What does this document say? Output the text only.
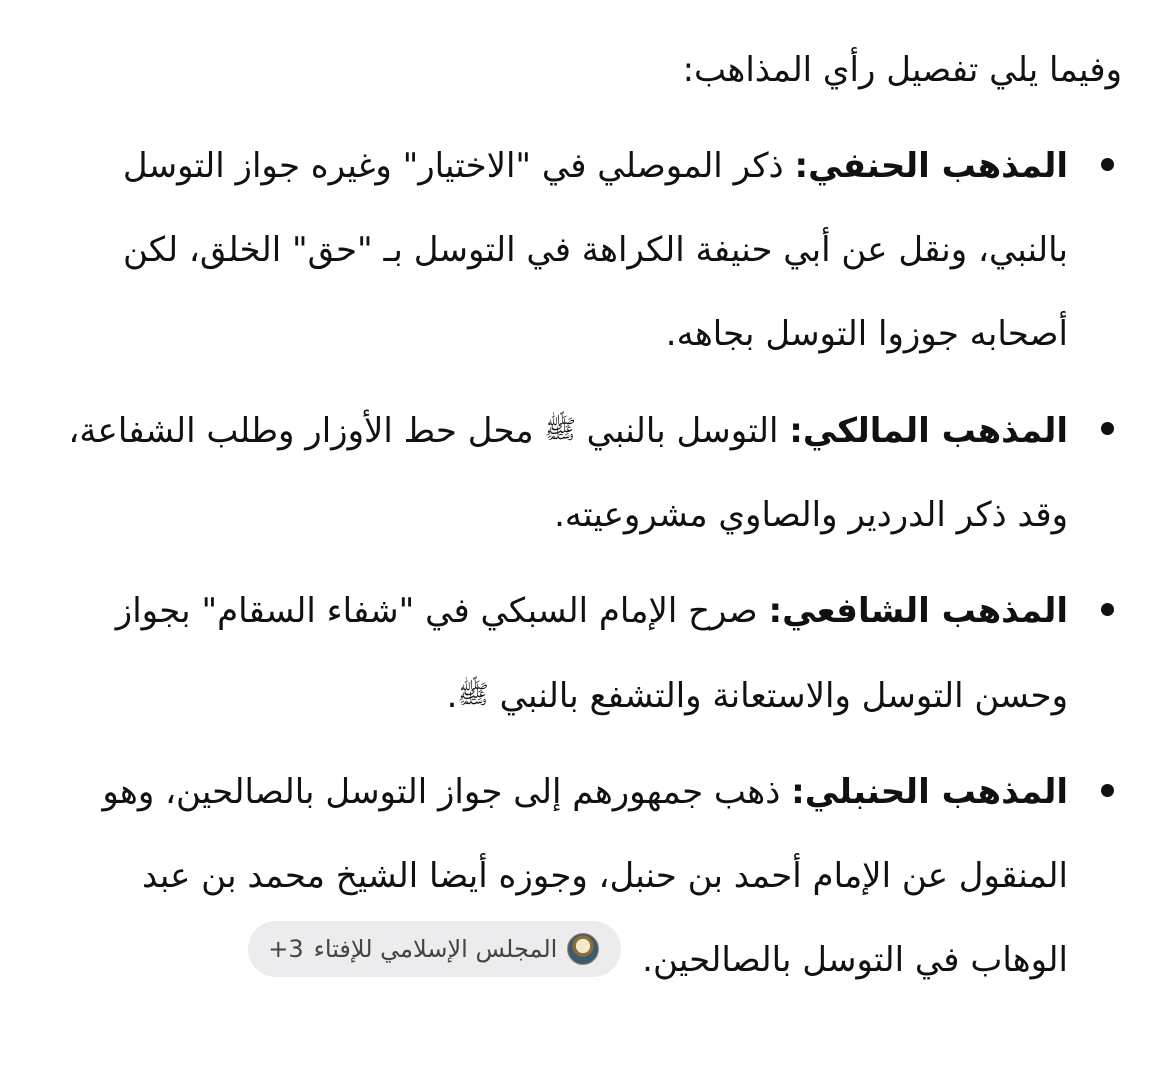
وفيما يلي تفصيل رأي المذاهب:

المذهب الحنفي: ذكر الموصلي في "الاختيار" وغيره جواز التوسل بالنبي، ونقل عن أبي حنيفة الكراهة في التوسل بـ "حق" الخلق، لكن أصحابه جوزوا التوسل بجاهه.
المذهب المالكي: التوسل بالنبي ﷺ محل حط الأوزار وطلب الشفاعة، وقد ذكر الدردير والصاوي مشروعيته.
المذهب الشافعي: صرح الإمام السبكي في "شفاء السقام" بجواز وحسن التوسل والاستعانة والتشفع بالنبي ﷺ.
المذهب الحنبلي: ذهب جمهورهم إلى جواز التوسل بالصالحين، وهو المنقول عن الإمام أحمد بن حنبل، وجوزه أيضا الشيخ محمد بن عبد الوهاب في التوسل بالصالحين.
المجلس الإسلامي للإفتاء
+3
